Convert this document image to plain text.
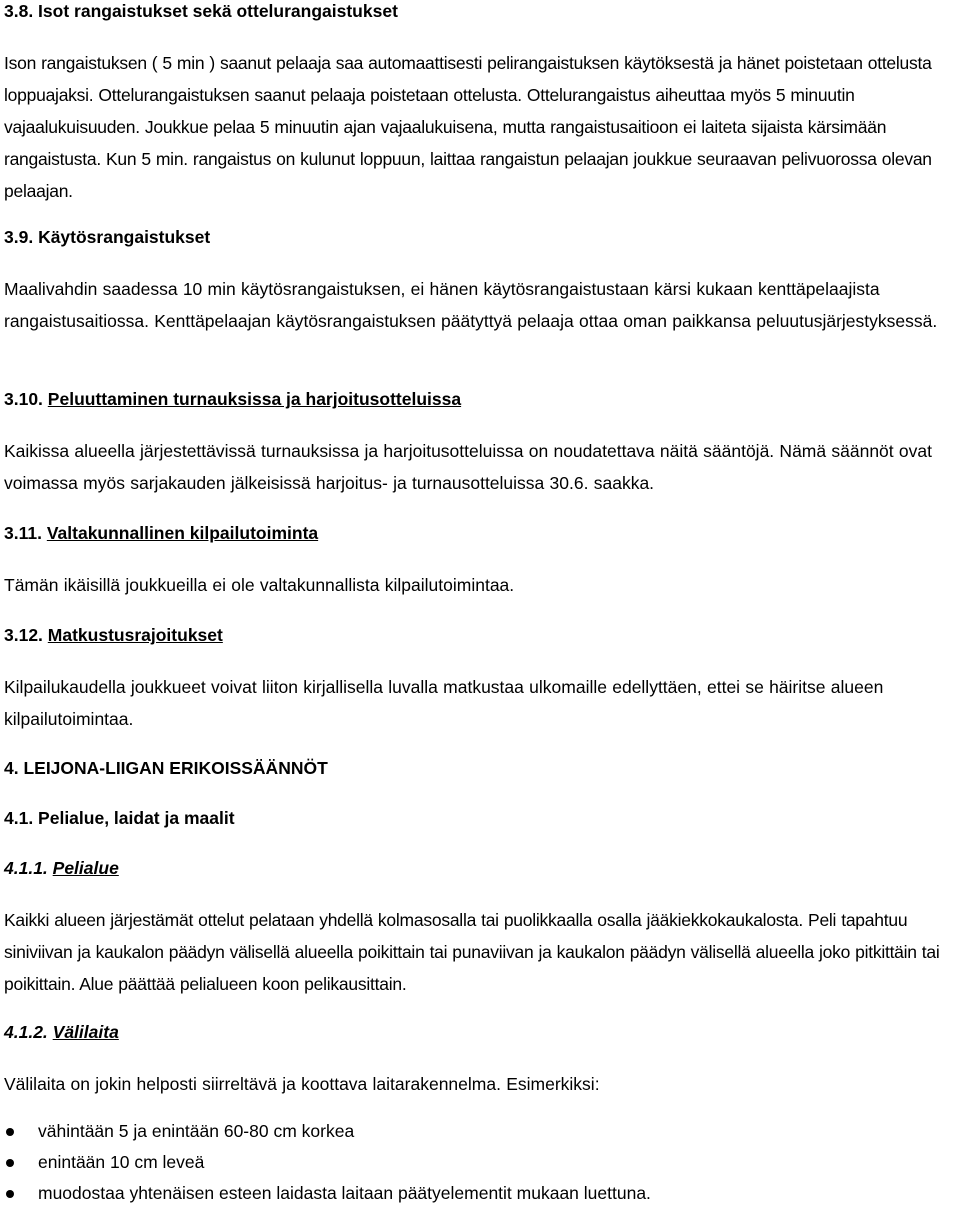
3.8. Isot rangaistukset sekä ottelurangaistukset

Ison rangaistuksen ( 5 min ) saanut pelaaja saa automaattisesti pelirangaistuksen käytöksestä ja hänet poistetaan ottelusta loppuajaksi. Ottelurangaistuksen saanut pelaaja poistetaan ottelusta. Ottelurangaistus aiheuttaa myös 5 minuutin vajaalukuisuuden. Joukkue pelaa 5 minuutin ajan vajaalukuisena, mutta rangaistusaitioon ei laiteta sijaista kärsimään rangaistusta. Kun 5 min. rangaistus on kulunut loppuun, laittaa rangaistun pelaajan joukkue seuraavan pelivuorossa olevan pelaajan.

3.9. Käytösrangaistukset

Maalivahdin saadessa 10 min käytösrangaistuksen, ei hänen käytösrangaistustaan kärsi kukaan kenttäpelaajista rangaistusaitiossa. Kenttäpelaajan käytösrangaistuksen päätyttyä pelaaja ottaa oman paikkansa peluutusjärjestyksessä.

3.10. Peluuttaminen turnauksissa ja harjoitusotteluissa

Kaikissa alueella järjestettävissä turnauksissa ja harjoitusotteluissa on noudatettava näitä sääntöjä. Nämä säännöt ovat voimassa myös sarjakauden jälkeisissä harjoitus- ja turnausotteluissa 30.6. saakka.

3.11. Valtakunnallinen kilpailutoiminta

Tämän ikäisillä joukkueilla ei ole valtakunnallista kilpailutoimintaa.

3.12. Matkustusrajoitukset

Kilpailukaudella joukkueet voivat liiton kirjallisella luvalla matkustaa ulkomaille edellyttäen, ettei se häiritse alueen kilpailutoimintaa.

4. LEIJONA-LIIGAN ERIKOISSÄÄNNÖT

4.1. Pelialue, laidat ja maalit

4.1.1. Pelialue

Kaikki alueen järjestämät ottelut pelataan yhdellä kolmasosalla tai puolikkaalla osalla jääkiekkokaukalosta. Peli tapahtuu siniviivan ja kaukalon päädyn välisellä alueella poikittain tai punaviivan ja kaukalon päädyn välisellä alueella joko pitkittäin tai poikittain. Alue päättää pelialueen koon pelikausittain.

4.1.2. Välilaita

Välilaita on jokin helposti siirreltävä ja koottava laitarakennelma. Esimerkiksi:

vähintään 5 ja enintään 60-80 cm korkea
enintään 10 cm leveä
muodostaa yhtenäisen esteen laidasta laitaan päätyelementit mukaan luettuna.
